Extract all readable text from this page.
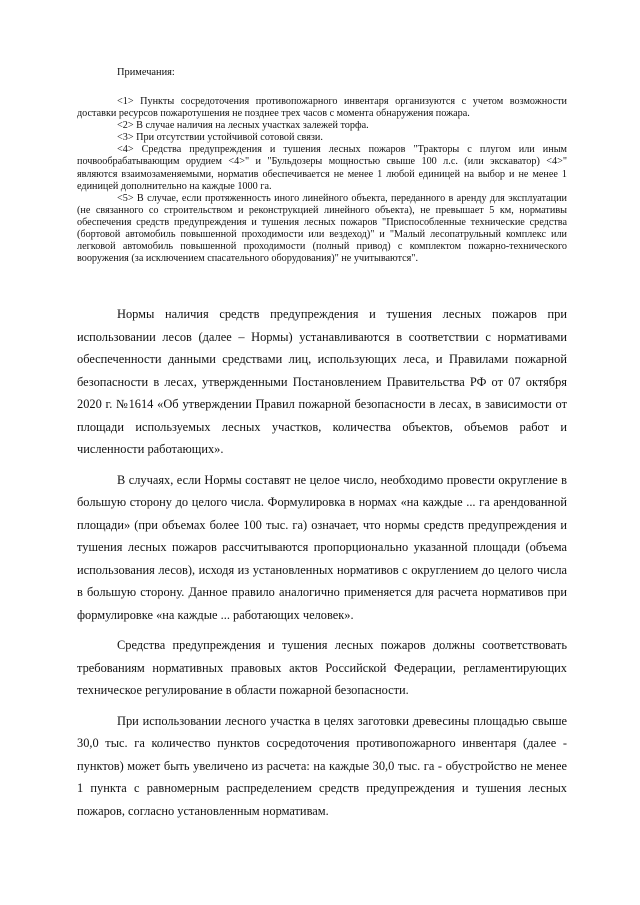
Примечания:
<1> Пункты сосредоточения противопожарного инвентаря организуются с учетом возможности доставки ресурсов пожаротушения не позднее трех часов с момента обнаружения пожара.
<2> В случае наличия на лесных участках залежей торфа.
<3> При отсутствии устойчивой сотовой связи.
<4> Средства предупреждения и тушения лесных пожаров "Тракторы с плугом или иным почвообрабатывающим орудием <4>" и "Бульдозеры мощностью свыше 100 л.с. (или экскаватор) <4>" являются взаимозаменяемыми, норматив обеспечивается не менее 1 любой единицей на выбор и не менее 1 единицей дополнительно на каждые 1000 га.
<5> В случае, если протяженность иного линейного объекта, переданного в аренду для эксплуатации (не связанного со строительством и реконструкцией линейного объекта), не превышает 5 км, нормативы обеспечения средств предупреждения и тушения лесных пожаров "Приспособленные технические средства (бортовой автомобиль повышенной проходимости или вездеход)" и "Малый лесопатрульный комплекс или легковой автомобиль повышенной проходимости (полный привод) с комплектом пожарно-технического вооружения (за исключением спасательного оборудования)" не учитываются".

Нормы наличия средств предупреждения и тушения лесных пожаров при использовании лесов (далее – Нормы) устанавливаются в соответствии с нормативами обеспеченности данными средствами лиц, использующих леса, и Правилами пожарной безопасности в лесах, утвержденными Постановлением Правительства РФ от 07 октября 2020 г. №1614 «Об утверждении Правил пожарной безопасности в лесах, в зависимости от площади используемых лесных участков, количества объектов, объемов работ и численности работающих».

В случаях, если Нормы составят не целое число, необходимо провести округление в большую сторону до целого числа. Формулировка в нормах «на каждые ... га арендованной площади» (при объемах более 100 тыс. га) означает, что нормы средств предупреждения и тушения лесных пожаров рассчитываются пропорционально указанной площади (объема использования лесов), исходя из установленных нормативов с округлением до целого числа в большую сторону. Данное правило аналогично применяется для расчета нормативов при формулировке «на каждые ... работающих человек».

Средства предупреждения и тушения лесных пожаров должны соответствовать требованиям нормативных правовых актов Российской Федерации, регламентирующих техническое регулирование в области пожарной безопасности.

При использовании лесного участка в целях заготовки древесины площадью свыше 30,0 тыс. га количество пунктов сосредоточения противопожарного инвентаря (далее - пунктов) может быть увеличено из расчета: на каждые 30,0 тыс. га - обустройство не менее 1 пункта с равномерным распределением средств предупреждения и тушения лесных пожаров, согласно установленным нормативам.
